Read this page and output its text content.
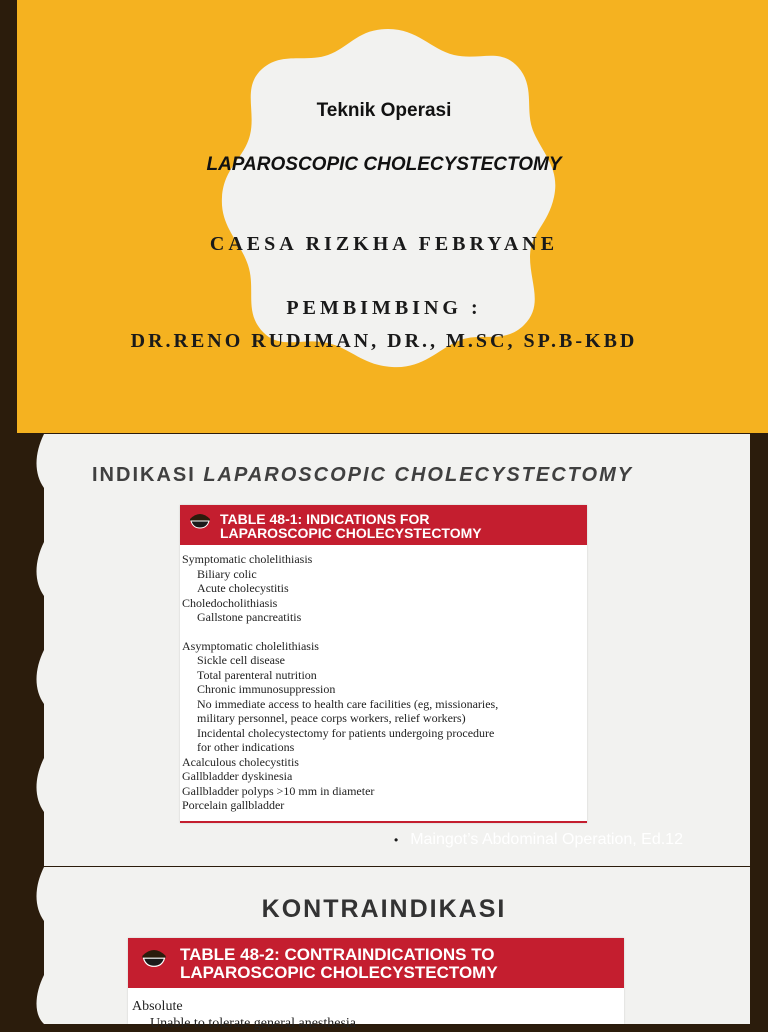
Teknik Operasi
LAPAROSCOPIC CHOLECYSTECTOMY
CAESA RIZKHA FEBRYANE
PEMBIMBING :
DR.RENO RUDIMAN, DR., M.SC, SP.B-KBD
INDIKASI LAPAROSCOPIC CHOLECYSTECTOMY
TABLE 48-1: INDICATIONS FOR
LAPAROSCOPIC CHOLECYSTECTOMY
Symptomatic cholelithiasis
Biliary colic
Acute cholecystitis
Choledocholithiasis
Gallstone pancreatitis
Asymptomatic cholelithiasis
Sickle cell disease
Total parenteral nutrition
Chronic immunosuppression
No immediate access to health care facilities (eg, missionaries,
military personnel, peace corps workers, relief workers)
Incidental cholecystectomy for patients undergoing procedure
for other indications
Acalculous cholecystitis
Gallbladder dyskinesia
Gallbladder polyps >10 mm in diameter
Porcelain gallbladder
• Maingot’s Abdominal Operation, Ed.12
KONTRAINDIKASI
TABLE 48-2: CONTRAINDICATIONS TO
LAPAROSCOPIC CHOLECYSTECTOMY
Absolute
Unable to tolerate general anesthesia
